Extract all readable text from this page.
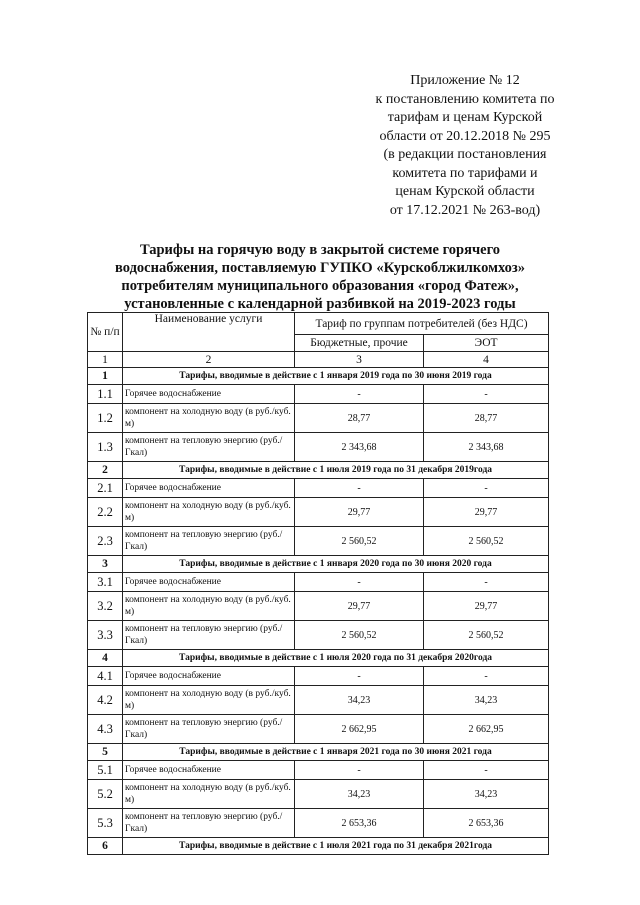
Приложение № 12
к постановлению комитета по
тарифам и ценам Курской
области от 20.12.2018 № 295
(в редакции постановления
комитета по тарифами и
ценам Курской области
от 17.12.2021 № 263-вод)
Тарифы на горячую воду в закрытой системе горячего
водоснабжения, поставляемую ГУПКО «Курскоблжилкомхоз»
потребителям муниципального образования «город Фатеж»,
установленные с календарной разбивкой на 2019-2023 годы
№ п/п	Наименование услуги	Тариф по группам потребителей (без НДС)	
		Бюджетные, прочие	ЭОТ
1	2	3	4
1	Тарифы, вводимые в действие с 1 января 2019 года по 30 июня 2019 года		
1.1	Горячее водоснабжение	-	-
1.2	компонент на холодную воду (в руб./куб. м)	28,77	28,77
1.3	компонент на тепловую энергию (руб./Гкал)	2 343,68	2 343,68
2	Тарифы, вводимые в действие с 1 июля 2019 года по 31 декабря 2019года		
2.1	Горячее водоснабжение	-	-
2.2	компонент на холодную воду (в руб./куб. м)	29,77	29,77
2.3	компонент на тепловую энергию (руб./Гкал)	2 560,52	2 560,52
3	Тарифы, вводимые в действие с 1 января 2020 года по 30 июня 2020 года		
3.1	Горячее водоснабжение	-	-
3.2	компонент на холодную воду (в руб./куб. м)	29,77	29,77
3.3	компонент на тепловую энергию (руб./Гкал)	2 560,52	2 560,52
4	Тарифы, вводимые в действие с 1 июля 2020 года по 31 декабря 2020года		
4.1	Горячее водоснабжение	-	-
4.2	компонент на холодную воду (в руб./куб. м)	34,23	34,23
4.3	компонент на тепловую энергию (руб./Гкал)	2 662,95	2 662,95
5	Тарифы, вводимые в действие с 1 января 2021 года по 30 июня 2021 года		
5.1	Горячее водоснабжение	-	-
5.2	компонент на холодную воду (в руб./куб. м)	34,23	34,23
5.3	компонент на тепловую энергию (руб./Гкал)	2 653,36	2 653,36
6	Тарифы, вводимые в действие с 1 июля 2021 года по 31 декабря 2021года		
